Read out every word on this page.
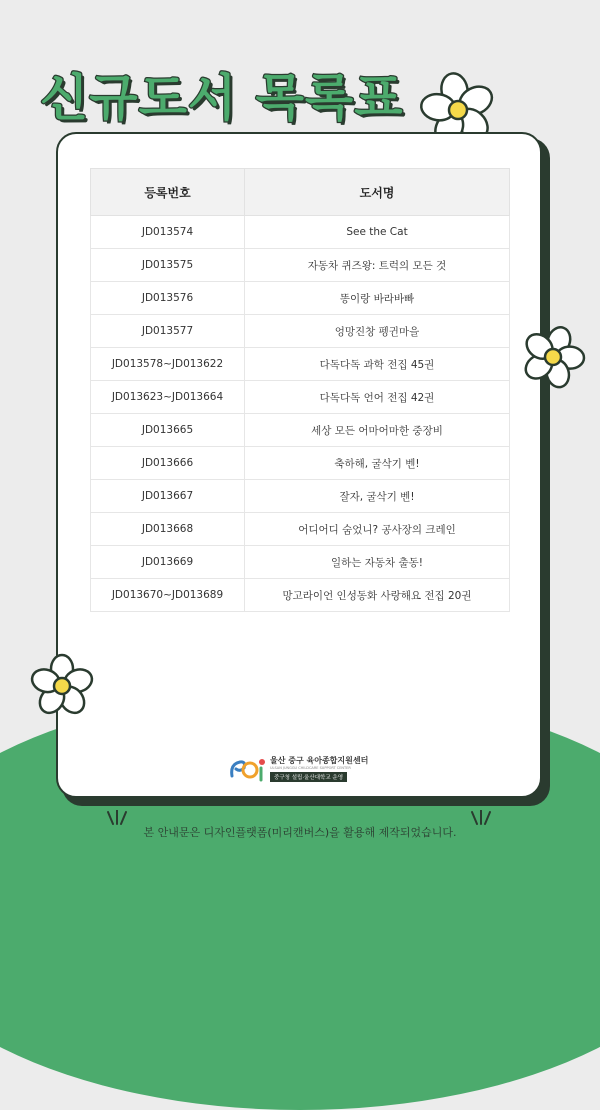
신규도서 목록표
등록번호	도서명
JD013574	See the Cat
JD013575	자동차 퀴즈왕: 트럭의 모든 것
JD013576	똥이랑 바라바빠
JD013577	엉망진창 펭귄마을
JD013578~JD013622	다독다독 과학 전집 45권
JD013623~JD013664	다독다독 언어 전집 42권
JD013665	세상 모든 어마어마한 중장비
JD013666	축하해, 굴삭기 벤!
JD013667	잘자, 굴삭기 벤!
JD013668	어디어디 숨었니? 공사장의 크레인
JD013669	일하는 자동차 출동!
JD013670~JD013689	망고라이언 인성동화 사랑해요 전집 20권
울산 중구 육아종합지원센터
ULSAN JUNGGU CHILDCARE SUPPORT CENTER
중구청 설립·울산대학교 운영
본 안내문은 디자인플랫폼(미리캔버스)을 활용해 제작되었습니다.
